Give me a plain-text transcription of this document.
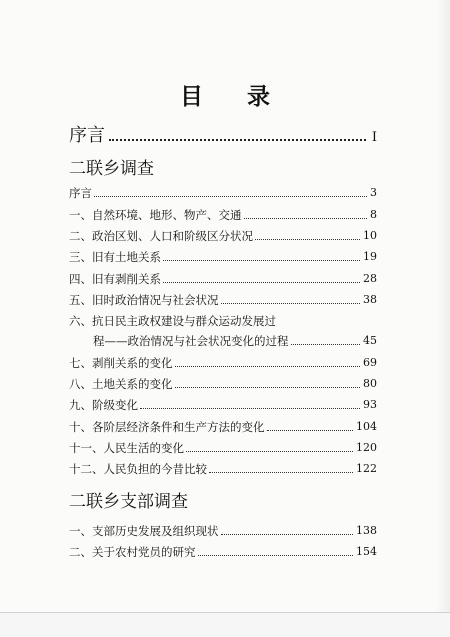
目 录
序言	I
二联乡调查
序言	3
一、自然环境、地形、物产、交通	8
二、政治区划、人口和阶级区分状况	10
三、旧有土地关系	19
四、旧有剥削关系	28
五、旧时政治情况与社会状况	38
六、抗日民主政权建设与群众运动发展过
程——政治情况与社会状况变化的过程	45
七、剥削关系的变化	69
八、土地关系的变化	80
九、阶级变化	93
十、各阶层经济条件和生产方法的变化	104
十一、人民生活的变化	120
十二、人民负担的今昔比较	122
二联乡支部调查
一、支部历史发展及组织现状	138
二、关于农村党员的研究	154
